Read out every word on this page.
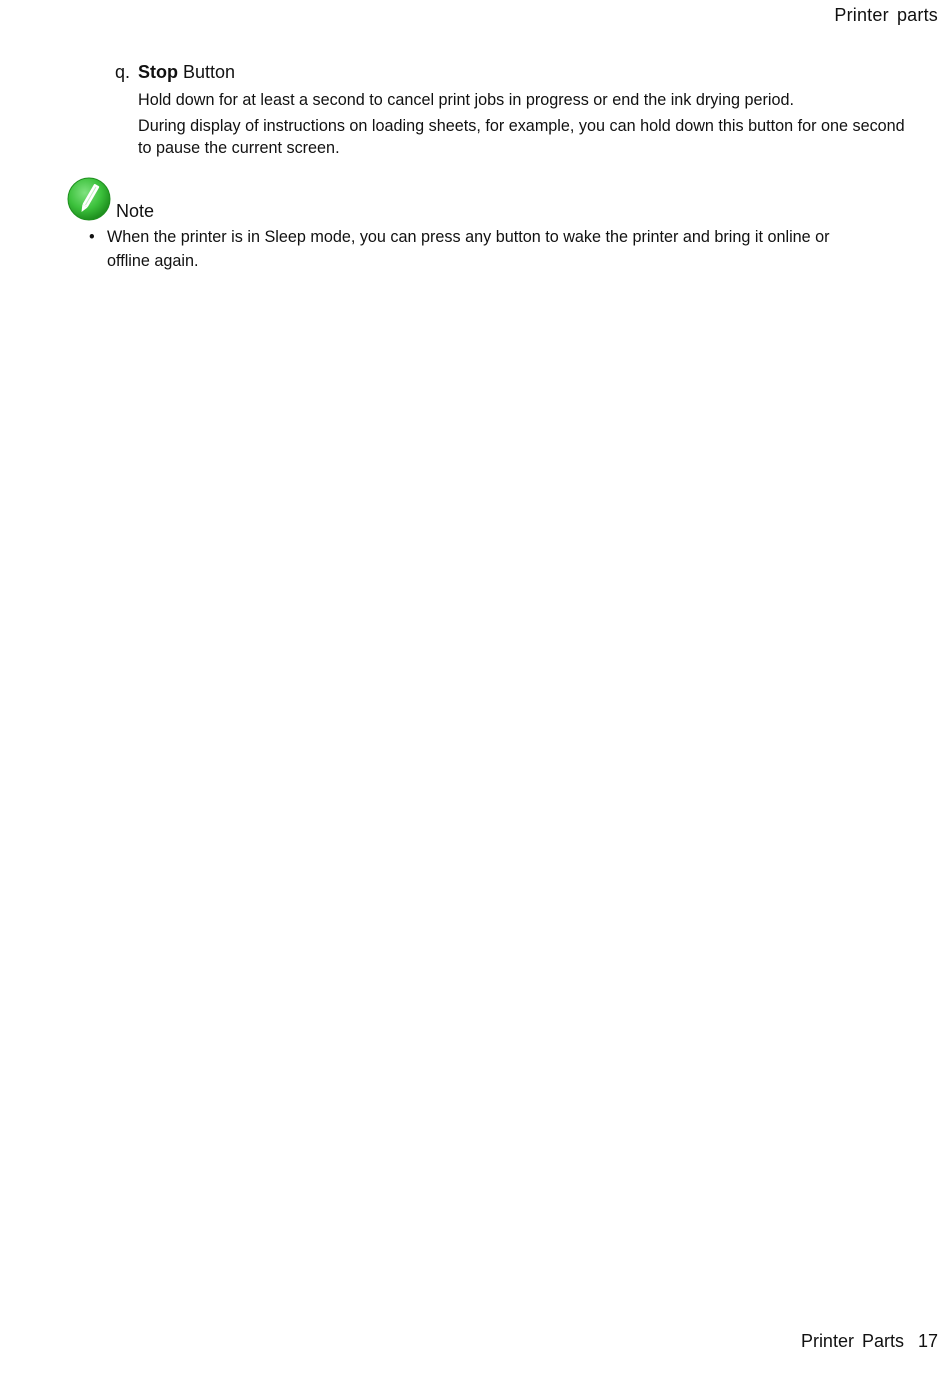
Printer parts
q. Stop Button

Hold down for at least a second to cancel print jobs in progress or end the ink drying period.

During display of instructions on loading sheets, for example, you can hold down this button for one second to pause the current screen.

Note
• When the printer is in Sleep mode, you can press any button to wake the printer and bring it online or offline again.
Printer Parts 17
